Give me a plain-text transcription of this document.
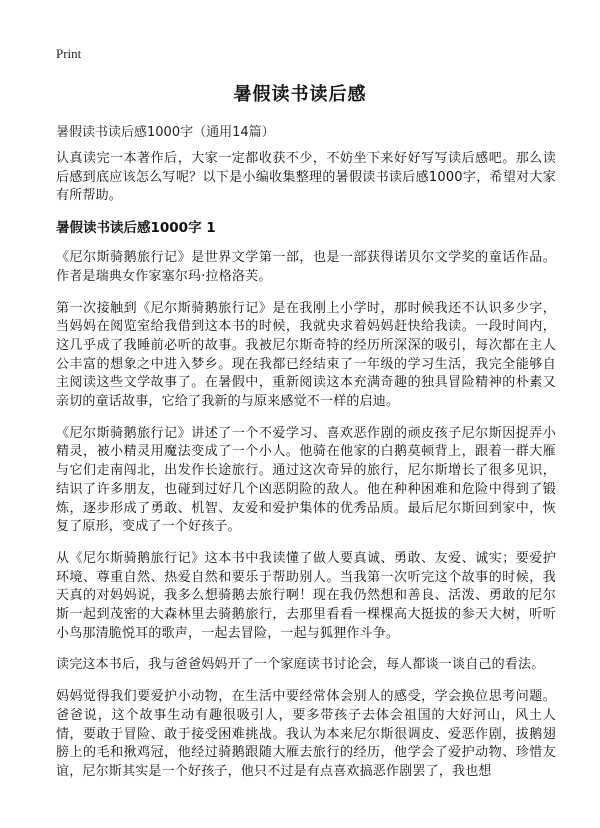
Print
暑假读书读后感
暑假读书读后感1000字（通用14篇）

认真读完一本著作后，大家一定都收获不少，不妨坐下来好好写写读后感吧。那么读后感到底应该怎么写呢？以下是小编收集整理的暑假读书读后感1000字，希望对大家有所帮助。

暑假读书读后感1000字 1

《尼尔斯骑鹅旅行记》是世界文学第一部，也是一部获得诺贝尔文学奖的童话作品。作者是瑞典女作家塞尔玛·拉格洛芙。

第一次接触到《尼尔斯骑鹅旅行记》是在我刚上小学时，那时候我还不认识多少字，当妈妈在阅览室给我借到这本书的时候，我就央求着妈妈赶快给我读。一段时间内，这几乎成了我睡前必听的故事。我被尼尔斯奇特的经历所深深的吸引，每次都在主人公丰富的想象之中进入梦乡。现在我都已经结束了一年级的学习生活，我完全能够自主阅读这些文学故事了。在暑假中，重新阅读这本充满奇趣的独具冒险精神的朴素又亲切的童话故事，它给了我新的与原来感觉不一样的启迪。

《尼尔斯骑鹅旅行记》讲述了一个不爱学习、喜欢恶作剧的顽皮孩子尼尔斯因捉弄小精灵，被小精灵用魔法变成了一个小人。他骑在他家的白鹅莫顿背上，跟着一群大雁与它们走南闯北，出发作长途旅行。通过这次奇异的旅行，尼尔斯增长了很多见识，结识了许多朋友，也碰到过好几个凶恶阴险的敌人。他在种种困难和危险中得到了锻炼，逐步形成了勇敢、机智、友爱和爱护集体的优秀品质。最后尼尔斯回到家中，恢复了原形，变成了一个好孩子。

从《尼尔斯骑鹅旅行记》这本书中我读懂了做人要真诚、勇敢、友爱、诚实；要爱护环境、尊重自然、热爱自然和要乐于帮助别人。当我第一次听完这个故事的时候，我天真的对妈妈说，我多么想骑鹅去旅行啊！现在我仍然想和善良、活泼、勇敢的尼尔斯一起到茂密的大森林里去骑鹅旅行，去那里看看一棵棵高大挺拔的参天大树，听听小鸟那清脆悦耳的歌声，一起去冒险，一起与狐狸作斗争。

读完这本书后，我与爸爸妈妈开了一个家庭读书讨论会，每人都谈一谈自己的看法。

妈妈觉得我们要爱护小动物，在生活中要经常体会别人的感受，学会换位思考问题。爸爸说，这个故事生动有趣很吸引人，要多带孩子去体会祖国的大好河山，风土人情，要敢于冒险、敢于接受困难挑战。我认为本来尼尔斯很调皮、爱恶作剧，拔鹅翅膀上的毛和揪鸡冠，他经过骑鹅跟随大雁去旅行的经历，他学会了爱护动物、珍惜友谊，尼尔斯其实是一个好孩子，他只不过是有点喜欢搞恶作剧罢了，我也想
